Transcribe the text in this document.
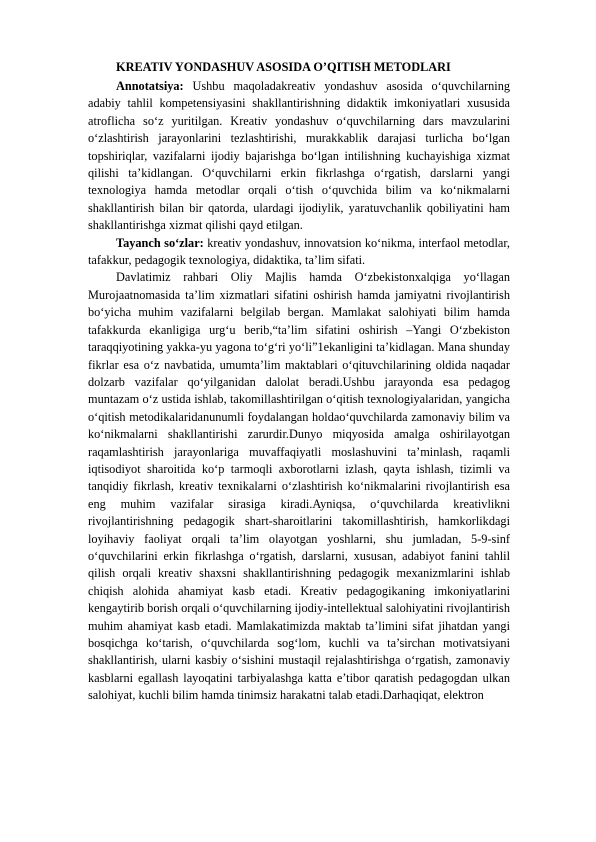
KREATIV YONDASHUV ASOSIDA O’QITISH METODLARI

Annotatsiya: Ushbu maqoladakreativ yondashuv asosida o‘quvchilarning adabiy tahlil kompetensiyasini shakllantirishning didaktik imkoniyatlari xususida atroflicha so‘z yuritilgan. Kreativ yondashuv o‘quvchilarning dars mavzularini o‘zlashtirish jarayonlarini tezlashtirishi, murakkablik darajasi turlicha bo‘lgan topshiriqlar, vazifalarni ijodiy bajarishga bo‘lgan intilishning kuchayishiga xizmat qilishi ta’kidlangan. O‘quvchilarni erkin fikrlashga o‘rgatish, darslarni yangi texnologiya hamda metodlar orqali o‘tish o‘quvchida bilim va ko‘nikmalarni shakllantirish bilan bir qatorda, ulardagi ijodiylik, yaratuvchanlik qobiliyatini ham shakllantirishga xizmat qilishi qayd etilgan.

Tayanch so‘zlar: kreativ yondashuv, innovatsion ko‘nikma, interfaol metodlar, tafakkur, pedagogik texnologiya, didaktika, ta’lim sifati.

Davlatimiz rahbari Oliy Majlis hamda O‘zbekistonxalqiga yo‘llagan Murojaatnomasida ta’lim xizmatlari sifatini oshirish hamda jamiyatni rivojlantirish bo‘yicha muhim vazifalarni belgilab bergan. Mamlakat salohiyati bilim hamda tafakkurda ekanligiga urg‘u berib,“ta’lim sifatini oshirish –Yangi O‘zbekiston taraqqiyotining yakka-yu yagona to‘g‘ri yo‘li”1ekanligini ta’kidlagan. Mana shunday fikrlar esa o‘z navbatida, umumta’lim maktablari o‘qituvchilarining oldida naqadar dolzarb vazifalar qo‘yilganidan dalolat beradi.Ushbu jarayonda esa pedagog muntazam o‘z ustida ishlab, takomillashtirilgan o‘qitish texnologiyalaridan, yangicha o‘qitish metodikalaridanunumli foydalangan holdao‘quvchilarda zamonaviy bilim va ko‘nikmalarni shakllantirishi zarurdir.Dunyo miqyosida amalga oshirilayotgan raqamlashtirish jarayonlariga muvaffaqiyatli moslashuvini ta’minlash, raqamli iqtisodiyot sharoitida ko‘p tarmoqli axborotlarni izlash, qayta ishlash, tizimli va tanqidiy fikrlash, kreativ texnikalarni o‘zlashtirish ko‘nikmalarini rivojlantirish esa eng muhim vazifalar sirasiga kiradi.Ayniqsa, o‘quvchilarda kreativlikni rivojlantirishning pedagogik shart-sharoitlarini takomillashtirish, hamkorlikdagi loyihaviy faoliyat orqali ta’lim olayotgan yoshlarni, shu jumladan, 5-9-sinf o‘quvchilarini erkin fikrlashga o‘rgatish, darslarni, xususan, adabiyot fanini tahlil qilish orqali kreativ shaxsni shakllantirishning pedagogik mexanizmlarini ishlab chiqish alohida ahamiyat kasb etadi. Kreativ pedagogikaning imkoniyatlarini kengaytirib borish orqali o‘quvchilarning ijodiy-intellektual salohiyatini rivojlantirish muhim ahamiyat kasb etadi. Mamlakatimizda maktab ta’limini sifat jihatdan yangi bosqichga ko‘tarish, o‘quvchilarda sog‘lom, kuchli va ta’sirchan motivatsiyani shakllantirish, ularni kasbiy o‘sishini mustaqil rejalashtirishga o‘rgatish, zamonaviy kasblarni egallash layoqatini tarbiyalashga katta e’tibor qaratish pedagogdan ulkan salohiyat, kuchli bilim hamda tinimsiz harakatni talab etadi.Darhaqiqat, elektron
